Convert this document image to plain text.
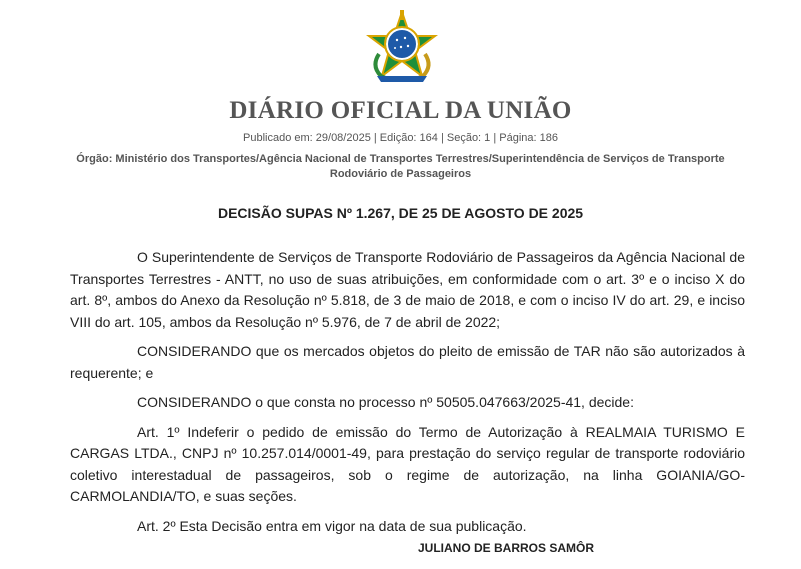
DIÁRIO OFICIAL DA UNIÃO
Publicado em: 29/08/2025 | Edição: 164 | Seção: 1 | Página: 186
Órgão: Ministério dos Transportes/Agência Nacional de Transportes Terrestres/Superintendência de Serviços de Transporte Rodoviário de Passageiros
DECISÃO SUPAS Nº 1.267, DE 25 DE AGOSTO DE 2025

O Superintendente de Serviços de Transporte Rodoviário de Passageiros da Agência Nacional de Transportes Terrestres - ANTT, no uso de suas atribuições, em conformidade com o art. 3º e o inciso X do art. 8º, ambos do Anexo da Resolução nº 5.818, de 3 de maio de 2018, e com o inciso IV do art. 29, e inciso VIII do art. 105, ambos da Resolução nº 5.976, de 7 de abril de 2022;

CONSIDERANDO que os mercados objetos do pleito de emissão de TAR não são autorizados à requerente; e

CONSIDERANDO o que consta no processo nº 50505.047663/2025-41, decide:

Art. 1º Indeferir o pedido de emissão do Termo de Autorização à REALMAIA TURISMO E CARGAS LTDA., CNPJ nº 10.257.014/0001-49, para prestação do serviço regular de transporte rodoviário coletivo interestadual de passageiros, sob o regime de autorização, na linha GOIANIA/GO-CARMOLANDIA/TO, e suas seções.

Art. 2º Esta Decisão entra em vigor na data de sua publicação.

JULIANO DE BARROS SAMÔR
